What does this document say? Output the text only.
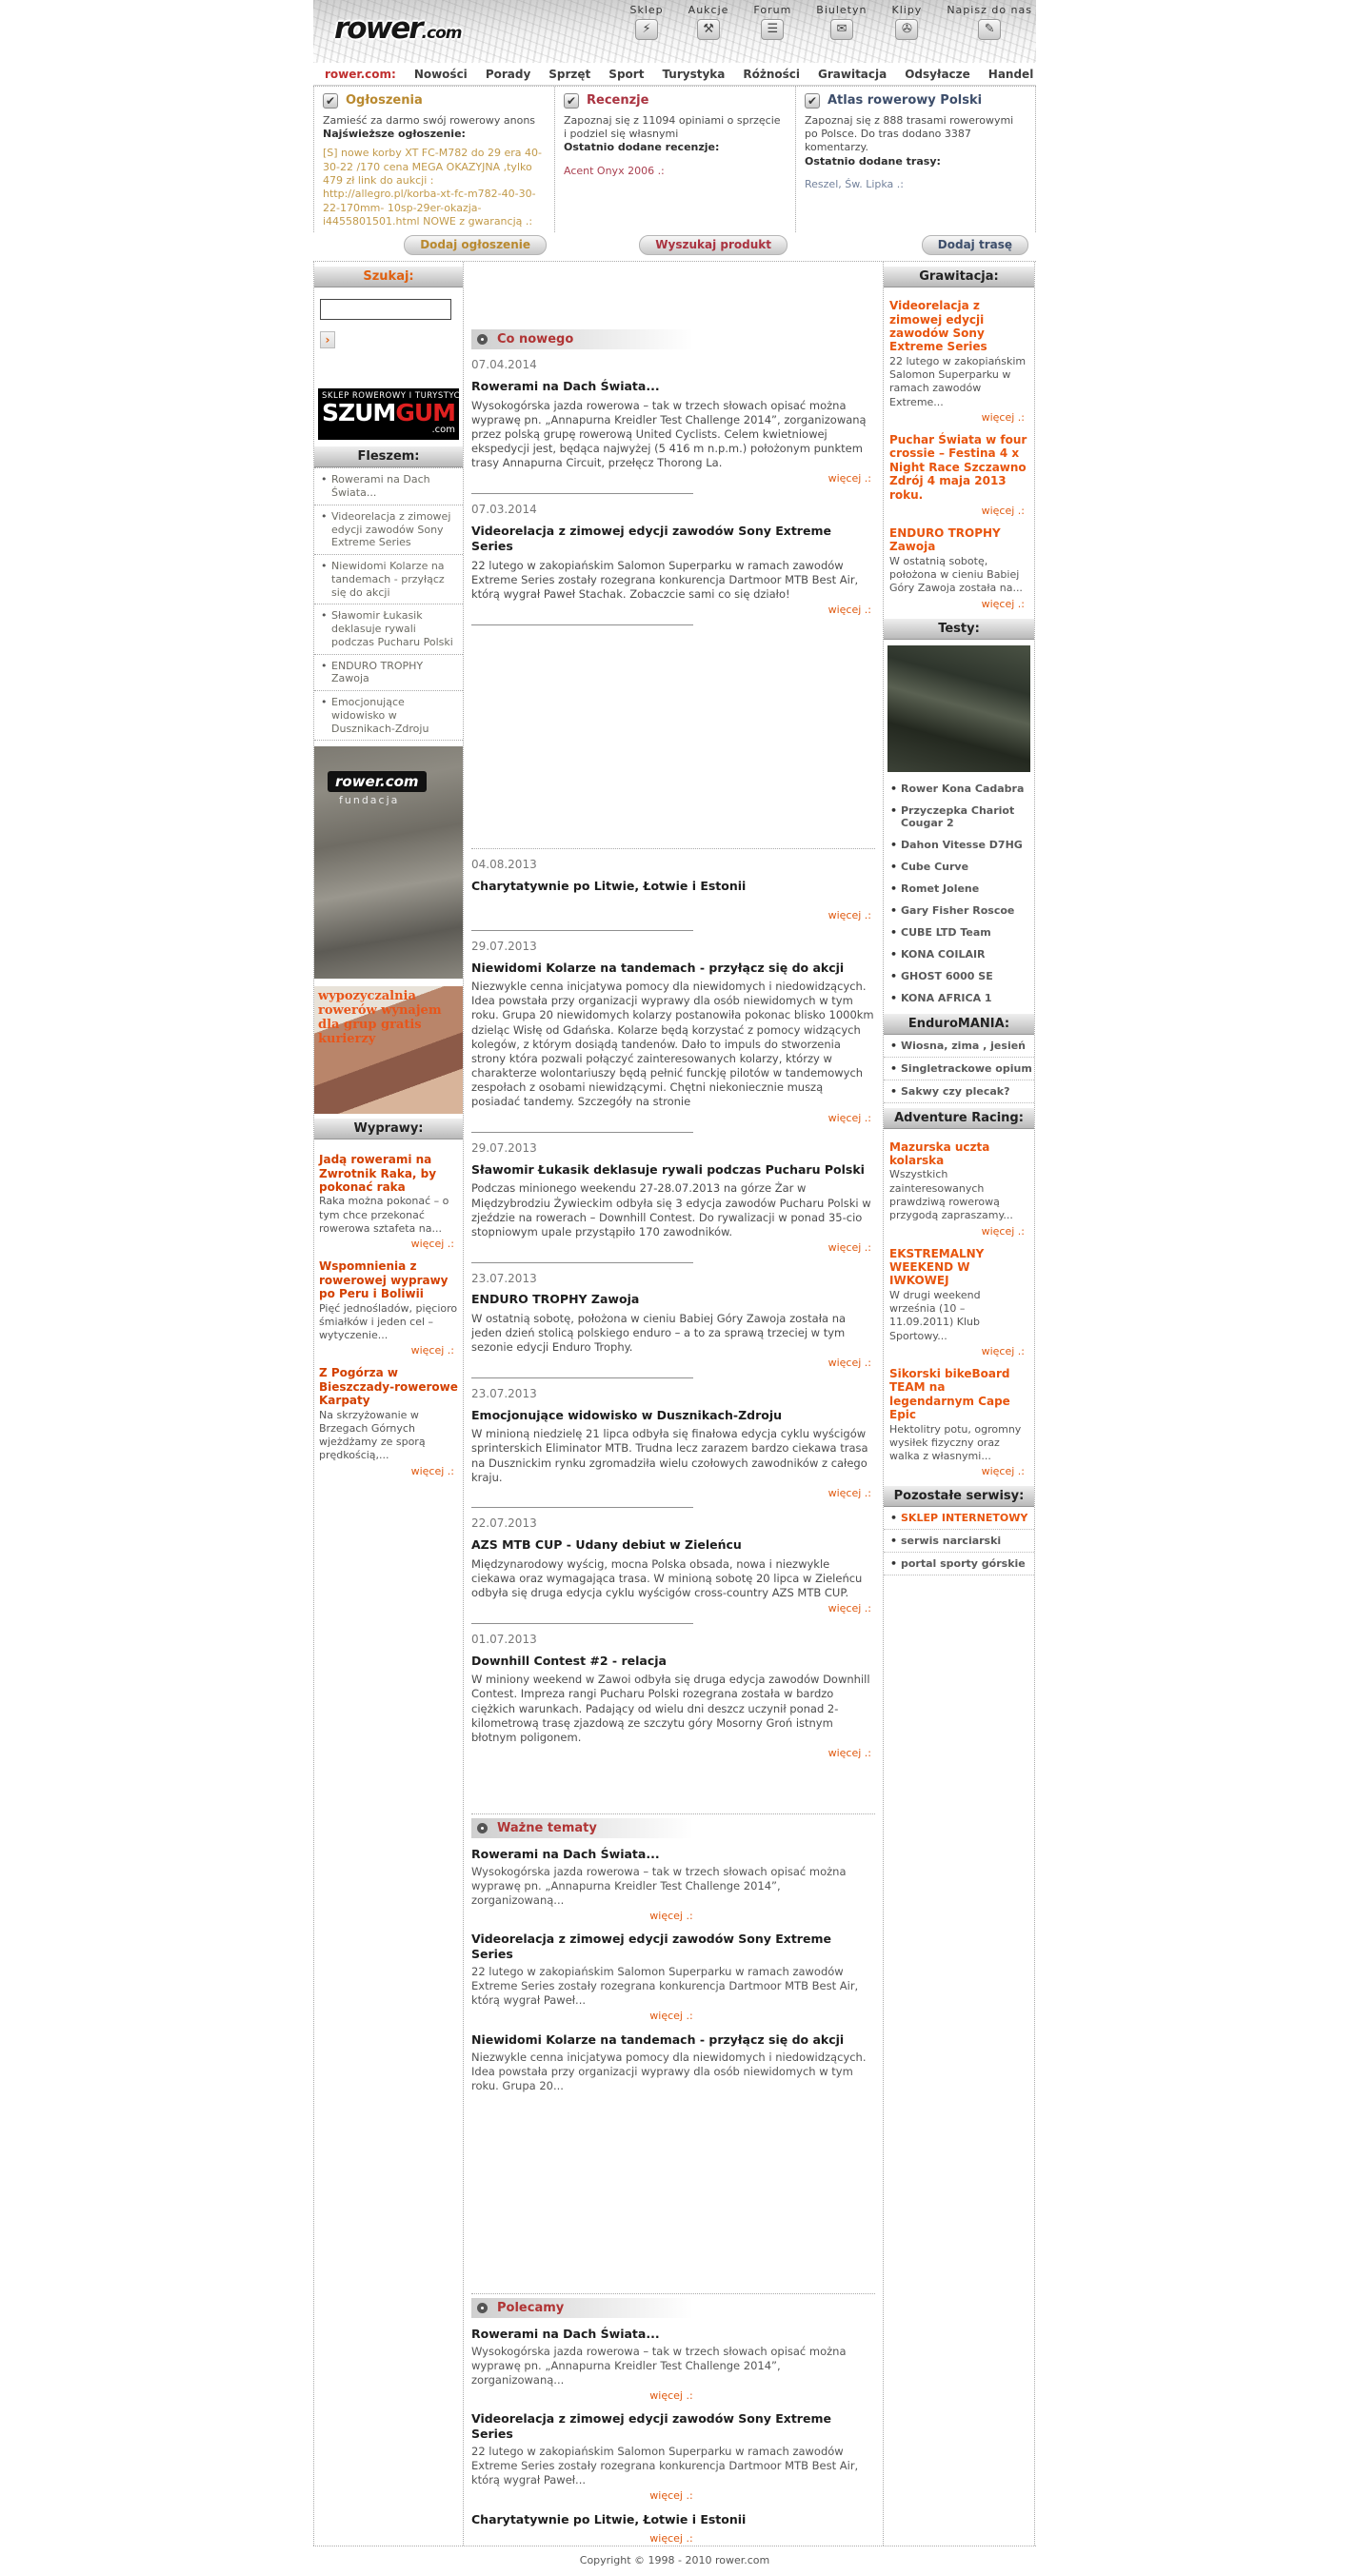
rower.com
Sklep
⚡
Aukcje
⚒
Forum
☰
Biuletyn
✉
Klipy
✇
Napisz do nas
✎
rower.com: Nowości Porady Sprzęt Sport Turystyka Różności Grawitacja Odsyłacze Handel
✔ Ogłoszenia
Zamieść za darmo swój rowerowy anons
Najświeższe ogłoszenie:
[S] nowe korby XT FC-M782 do 29 era 40-30-22 /170 cena MEGA OKAZYJNA ,tylko 479 zł link do aukcji : http://allegro.pl/korba-xt-fc-m782-40-30-22-170mm- 10sp-29er-okazja-i4455801501.html NOWE z gwarancją .:
✔ Recenzje
Zapoznaj się z 11094 opiniami o sprzęcie i podziel się własnymi
Ostatnio dodane recenzje:
Acent Onyx 2006 .:
✔ Atlas rowerowy Polski
Zapoznaj się z 888 trasami rowerowymi po Polsce. Do tras dodano 3387 komentarzy.
Ostatnio dodane trasy:
Reszel, Św. Lipka .:
Dodaj ogłoszenie	Wyszukaj produkt	Dodaj trasę
Szukaj:
›
SKLEP ROWEROWY I TURYSTYCZNY
SZUMGUM
.com
Fleszem:
• Rowerami na Dach Świata...
• Videorelacja z zimowej edycji zawodów Sony Extreme Series
• Niewidomi Kolarze na tandemach - przyłącz się do akcji
• Sławomir Łukasik deklasuje rywali podczas Pucharu Polski
• ENDURO TROPHY Zawoja
• Emocjonujące widowisko w Dusznikach-Zdroju
rower.com
fundacja
wypozyczalnia rowerów wynajem dla grup gratis kurierzy
Wyprawy:
Jadą rowerami na Zwrotnik Raka, by pokonać raka
Raka można pokonać – o tym chce przekonać rowerowa sztafeta na...
więcej .:
Wspomnienia z rowerowej wyprawy po Peru i Boliwii
Pięć jednośladów, pięcioro śmiałków i jeden cel – wytyczenie...
więcej .:
Z Pogórza w Bieszczady-rowerowe Karpaty
Na skrzyżowanie w Brzegach Górnych wjeżdżamy ze sporą prędkością,...
więcej .:
Co nowego
07.04.2014
Rowerami na Dach Świata...
Wysokogórska jazda rowerowa – tak w trzech słowach opisać można wyprawę pn. „Annapurna Kreidler Test Challenge 2014”, zorganizowaną przez polską grupę rowerową United Cyclists. Celem kwietniowej ekspedycji jest, będąca najwyżej (5 416 m n.p.m.) położonym punktem trasy Annapurna Circuit, przełęcz Thorong La.
więcej .:
07.03.2014
Videorelacja z zimowej edycji zawodów Sony Extreme Series
22 lutego w zakopiańskim Salomon Superparku w ramach zawodów Extreme Series zostały rozegrana konkurencja Dartmoor MTB Best Air, którą wygrał Paweł Stachak. Zobaczcie sami co się działo!
więcej .:
04.08.2013
Charytatywnie po Litwie, Łotwie i Estonii
więcej .:
29.07.2013
Niewidomi Kolarze na tandemach - przyłącz się do akcji
Niezwykle cenna inicjatywa pomocy dla niewidomych i niedowidzących. Idea powstała przy organizacji wyprawy dla osób niewidomych w tym roku. Grupa 20 niewidomych kolarzy postanowiła pokonac blisko 1000km dzieląc Wisłę od Gdańska. Kolarze będą korzystać z pomocy widzących kolegów, z którym dosiądą tandenów. Dało to impuls do stworzenia strony która pozwali połączyć zainteresowanych kolarzy, którzy w charakterze wolontariuszy będą pełnić funckję pilotów w tandemowych zespołach z osobami niewidzącymi. Chętni niekoniecznie muszą posiadać tandemy. Szczegóły na stronie
więcej .:
29.07.2013
Sławomir Łukasik deklasuje rywali podczas Pucharu Polski
Podczas minionego weekendu 27-28.07.2013 na górze Żar w Międzybrodziu Żywieckim odbyła się 3 edycja zawodów Pucharu Polski w zjeździe na rowerach – Downhill Contest. Do rywalizacji w ponad 35-cio stopniowym upale przystąpiło 170 zawodników.
więcej .:
23.07.2013
ENDURO TROPHY Zawoja
W ostatnią sobotę, położona w cieniu Babiej Góry Zawoja została na jeden dzień stolicą polskiego enduro – a to za sprawą trzeciej w tym sezonie edycji Enduro Trophy.
więcej .:
23.07.2013
Emocjonujące widowisko w Dusznikach-Zdroju
W minioną niedzielę 21 lipca odbyła się finałowa edycja cyklu wyścigów sprinterskich Eliminator MTB. Trudna lecz zarazem bardzo ciekawa trasa na Dusznickim rynku zgromadziła wielu czołowych zawodników z całego kraju.
więcej .:
22.07.2013
AZS MTB CUP - Udany debiut w Zieleńcu
Międzynarodowy wyścig, mocna Polska obsada, nowa i niezwykle ciekawa oraz wymagająca trasa. W minioną sobotę 20 lipca w Zieleńcu odbyła się druga edycja cyklu wyścigów cross-country AZS MTB CUP.
więcej .:
01.07.2013
Downhill Contest #2 - relacja
W miniony weekend w Zawoi odbyła się druga edycja zawodów Downhill Contest. Impreza rangi Pucharu Polski rozegrana została w bardzo ciężkich warunkach. Padający od wielu dni deszcz uczynił ponad 2-kilometrową trasę zjazdową ze szczytu góry Mosorny Groń istnym błotnym poligonem.
więcej .:
Ważne tematy
Rowerami na Dach Świata...
Wysokogórska jazda rowerowa – tak w trzech słowach opisać można wyprawę pn. „Annapurna Kreidler Test Challenge 2014”, zorganizowaną...
więcej .:
Videorelacja z zimowej edycji zawodów Sony Extreme Series
22 lutego w zakopiańskim Salomon Superparku w ramach zawodów Extreme Series zostały rozegrana konkurencja Dartmoor MTB Best Air, którą wygrał Paweł...
więcej .:
Niewidomi Kolarze na tandemach - przyłącz się do akcji
Niezwykle cenna inicjatywa pomocy dla niewidomych i niedowidzących. Idea powstała przy organizacji wyprawy dla osób niewidomych w tym roku. Grupa 20...
Polecamy
Rowerami na Dach Świata...
Wysokogórska jazda rowerowa – tak w trzech słowach opisać można wyprawę pn. „Annapurna Kreidler Test Challenge 2014”, zorganizowaną...
więcej .:
Videorelacja z zimowej edycji zawodów Sony Extreme Series
22 lutego w zakopiańskim Salomon Superparku w ramach zawodów Extreme Series zostały rozegrana konkurencja Dartmoor MTB Best Air, którą wygrał Paweł...
więcej .:
Charytatywnie po Litwie, Łotwie i Estonii
więcej .:
Grawitacja:
Videorelacja z zimowej edycji zawodów Sony Extreme Series
22 lutego w zakopiańskim Salomon Superparku w ramach zawodów Extreme...
więcej .:
Puchar Świata w four crossie – Festina 4 x Night Race Szczawno Zdrój 4 maja 2013 roku.
więcej .:
ENDURO TROPHY Zawoja
W ostatnią sobotę, położona w cieniu Babiej Góry Zawoja została na...
więcej .:
Testy:
• Rower Kona Cadabra
• Przyczepka Chariot Cougar 2
• Dahon Vitesse D7HG
• Cube Curve
• Romet Jolene
• Gary Fisher Roscoe
• CUBE LTD Team
• KONA COILAIR
• GHOST 6000 SE
• KONA AFRICA 1
EnduroMANIA:
• Wiosna, zima , jesień
• Singletrackowe opium
• Sakwy czy plecak?
Adventure Racing:
Mazurska uczta kolarska
Wszystkich zainteresowanych prawdziwą rowerową przygodą zapraszamy...
więcej .:
EKSTREMALNY WEEKEND W IWKOWEJ
W drugi weekend września (10 – 11.09.2011) Klub Sportowy...
więcej .:
Sikorski bikeBoard TEAM na legendarnym Cape Epic
Hektolitry potu, ogromny wysiłek fizyczny oraz walka z własnymi...
więcej .:
Pozostałe serwisy:
• SKLEP INTERNETOWY
• serwis narciarski
• portal sporty górskie
Copyright © 1998 - 2010 rower.com
